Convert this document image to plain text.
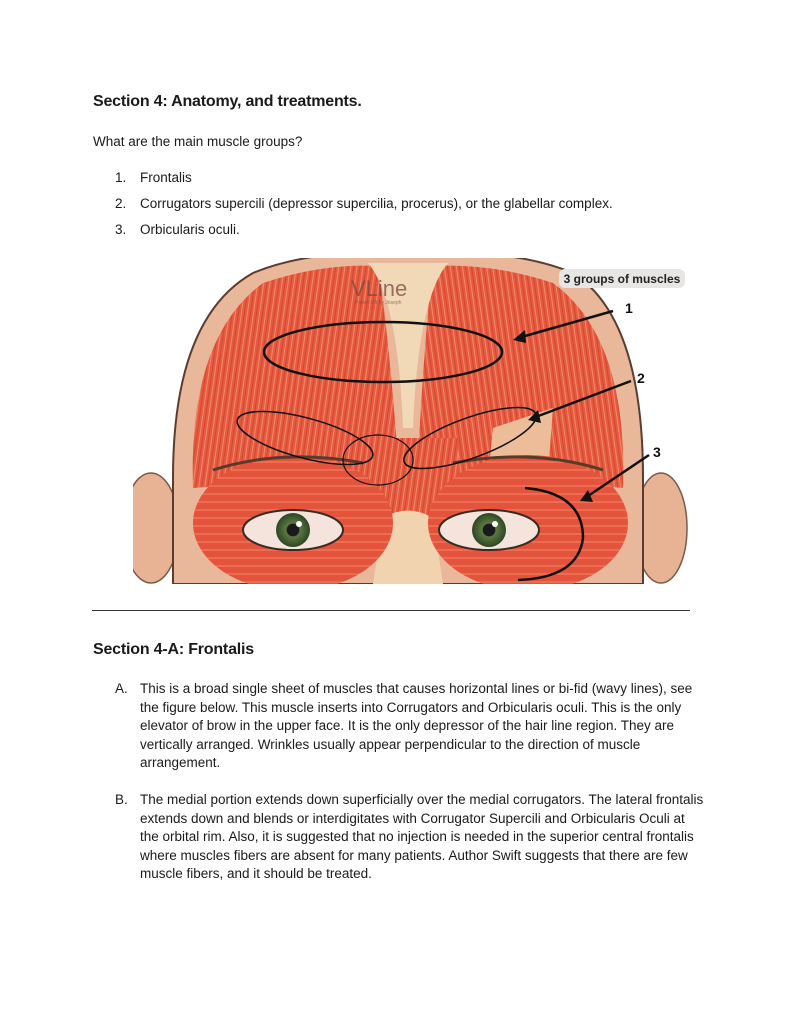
Section 4: Anatomy, and treatments.
What are the main muscle groups?
1.	Frontalis
2.	Corrugators supercili (depressor supercilia, procerus), or the glabellar complex.
3.	Orbicularis oculi.
3 groups of muscles
1
2
3
VLine
Power Lift by Joseph
Section 4-A: Frontalis
A. This is a broad single sheet of muscles that causes horizontal lines or bi-fid (wavy lines), see the figure below. This muscle inserts into Corrugators and Orbicularis oculi. This is the only elevator of brow in the upper face. It is the only depressor of the hair line region. They are vertically arranged. Wrinkles usually appear perpendicular to the direction of muscle arrangement.
B. The medial portion extends down superficially over the medial corrugators. The lateral frontalis extends down and blends or interdigitates with Corrugator Supercili and Orbicularis Oculi at the orbital rim. Also, it is suggested that no injection is needed in the superior central frontalis where muscles fibers are absent for many patients. Author Swift suggests that there are few muscle fibers, and it should be treated.
